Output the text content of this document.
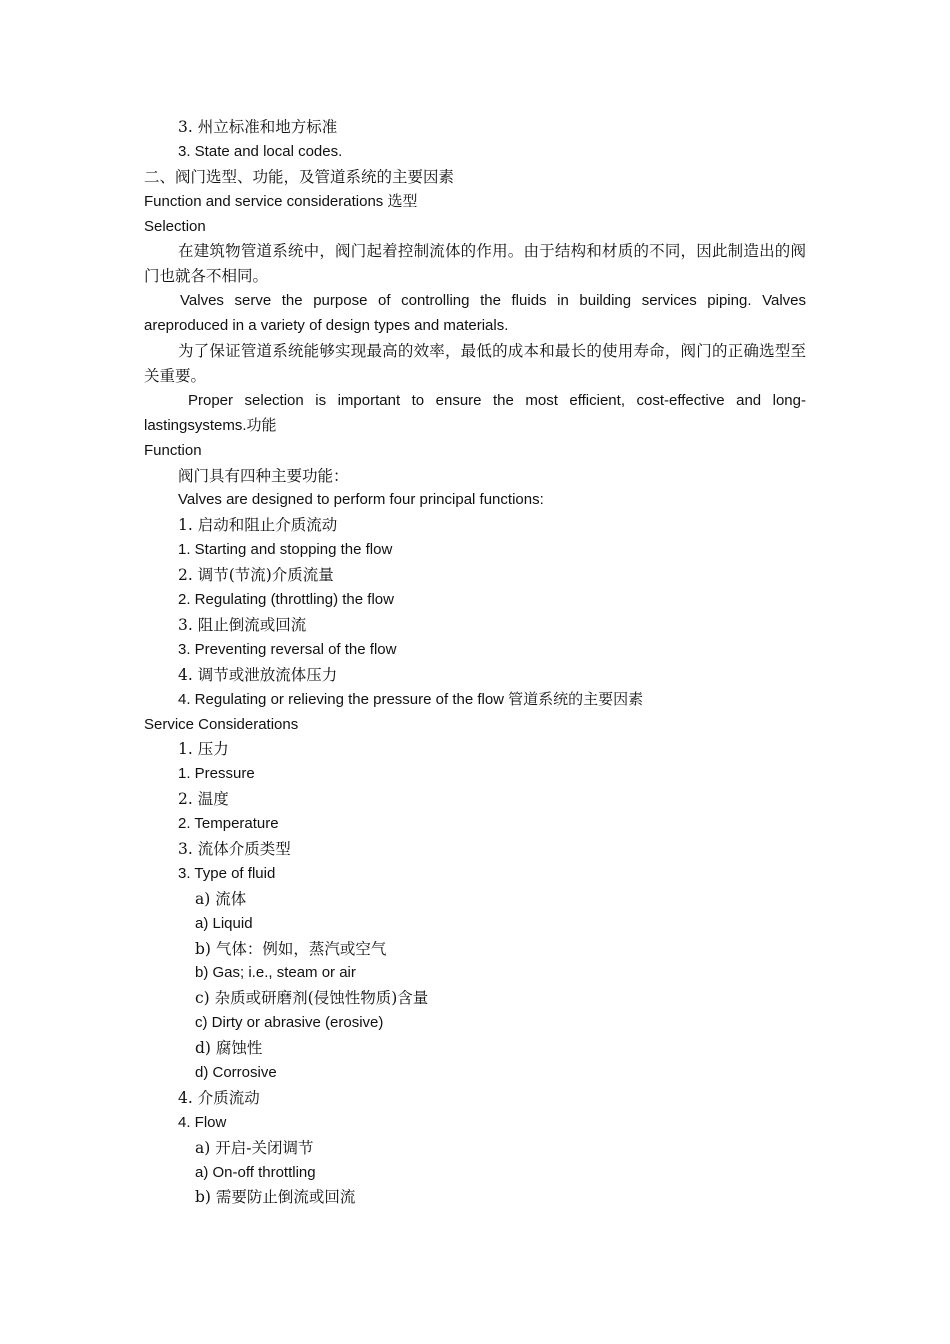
3. 州立标准和地方标准
3. State and local codes.
二、阀门选型、功能，及管道系统的主要因素
Function and service considerations 选型
Selection
在建筑物管道系统中，阀门起着控制流体的作用。由于结构和材质的不同，因此制造出的阀门也就各不相同。
Valves serve the purpose of controlling the fluids in building services piping. Valves areproduced in a variety of design types and materials.
为了保证管道系统能够实现最高的效率，最低的成本和最长的使用寿命，阀门的正确选型至关重要。
Proper selection is important to ensure the most efficient, cost-effective and long-lastingsystems.功能
Function
阀门具有四种主要功能：
Valves are designed to perform four principal functions:
1. 启动和阻止介质流动
1. Starting and stopping the flow
2. 调节(节流)介质流量
2. Regulating (throttling) the flow
3. 阻止倒流或回流
3. Preventing reversal of the flow
4. 调节或泄放流体压力
4. Regulating or relieving the pressure of the flow 管道系统的主要因素
Service Considerations
1. 压力
1. Pressure
2. 温度
2. Temperature
3. 流体介质类型
3. Type of fluid
a) 流体
a) Liquid
b) 气体：例如，蒸汽或空气
b) Gas; i.e., steam or air
c) 杂质或研磨剂(侵蚀性物质)含量
c) Dirty or abrasive (erosive)
d) 腐蚀性
d) Corrosive
4. 介质流动
4. Flow
a) 开启-关闭调节
a) On-off throttling
b) 需要防止倒流或回流
